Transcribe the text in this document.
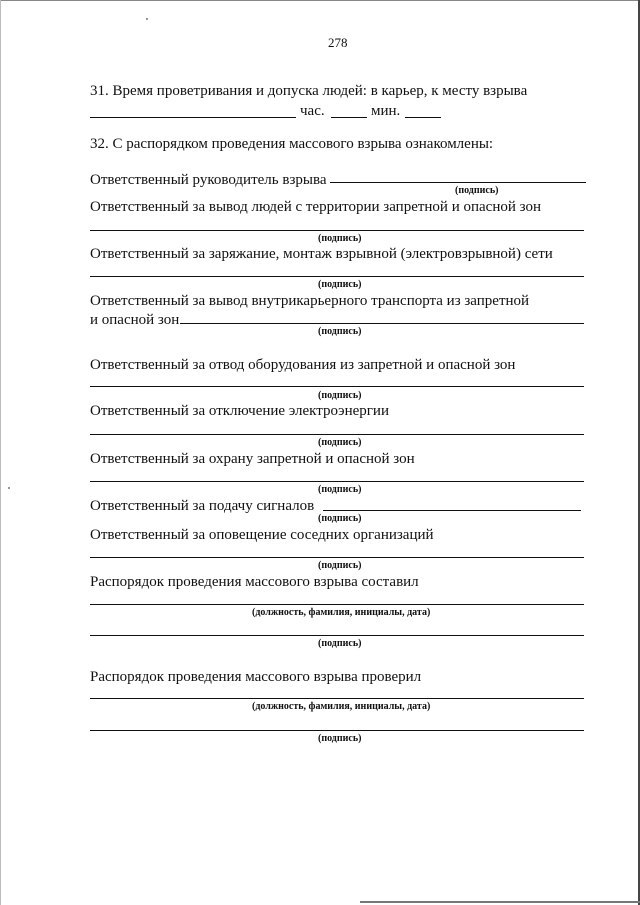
278
31. Время проветривания и допуска людей: в карьер, к месту взрыва
час.	мин.
32. С распорядком проведения массового взрыва ознакомлены:
Ответственный руководитель взрыва
(подпись)
Ответственный за вывод людей с территории запретной и опасной зон
(подпись)
Ответственный за заряжание, монтаж взрывной (электровзрывной) сети
(подпись)
Ответственный за вывод внутрикарьерного транспорта из запретной
и опасной зон
(подпись)
Ответственный за отвод оборудования из запретной и опасной зон
(подпись)
Ответственный за отключение электроэнергии
(подпись)
Ответственный за охрану запретной и опасной зон
(подпись)
Ответственный за подачу сигналов
(подпись)
Ответственный за оповещение соседних организаций
(подпись)
Распорядок проведения массового взрыва составил
(должность, фамилия, инициалы, дата)
(подпись)
Распорядок проведения массового взрыва проверил
(должность, фамилия, инициалы, дата)
(подпись)
